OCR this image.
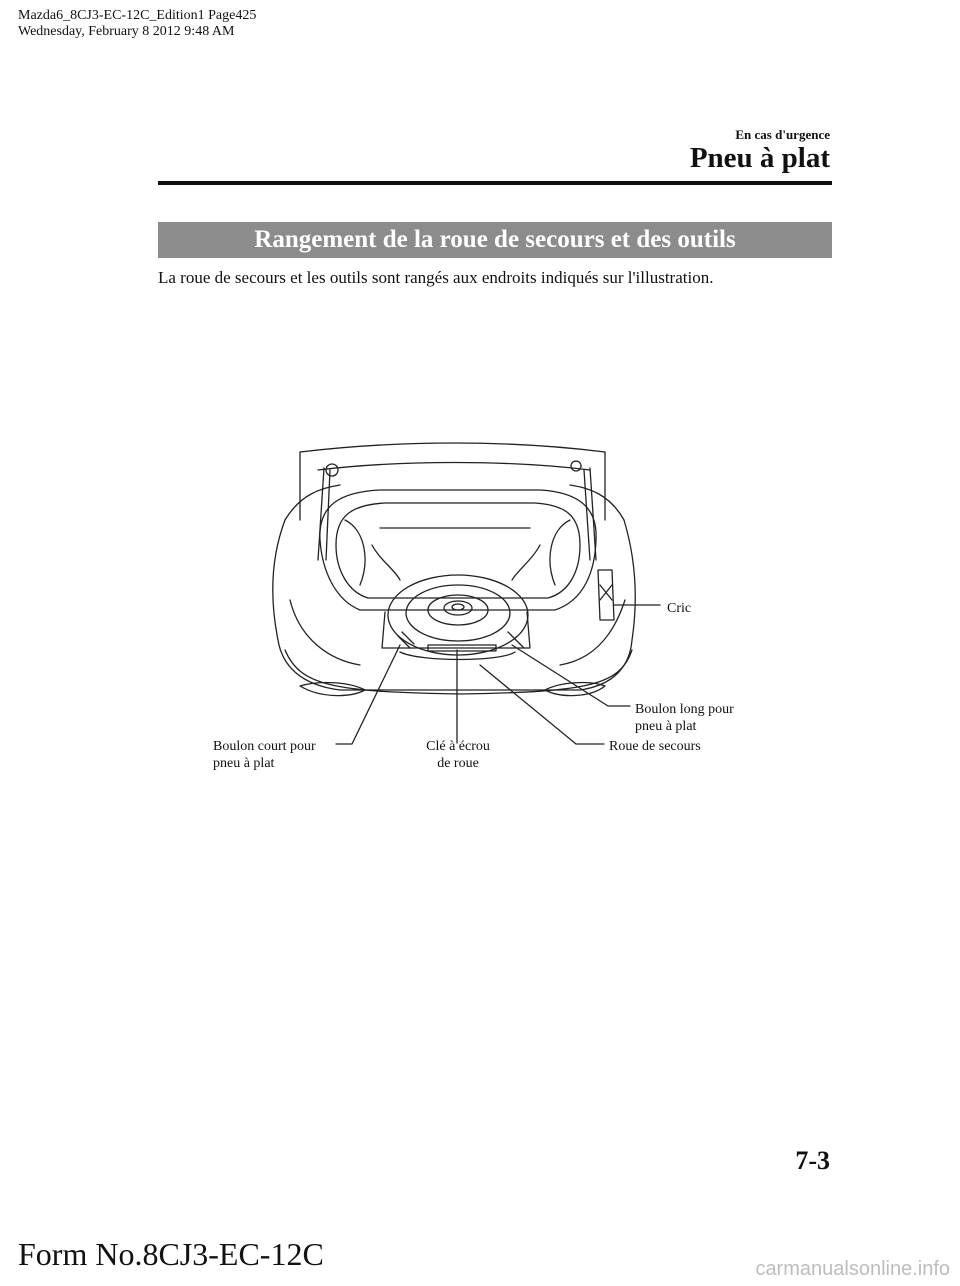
Mazda6_8CJ3-EC-12C_Edition1 Page425
Wednesday, February 8 2012 9:48 AM
En cas d'urgence
Pneu à plat
Rangement de la roue de secours et des outils
La roue de secours et les outils sont rangés aux endroits indiqués sur l'illustration.
Cric
Boulon long pour
pneu à plat
Boulon court pour
pneu à plat
Clé à écrou
de roue
Roue de secours
7-3
Form No.8CJ3-EC-12C	carmanualsonline.info
